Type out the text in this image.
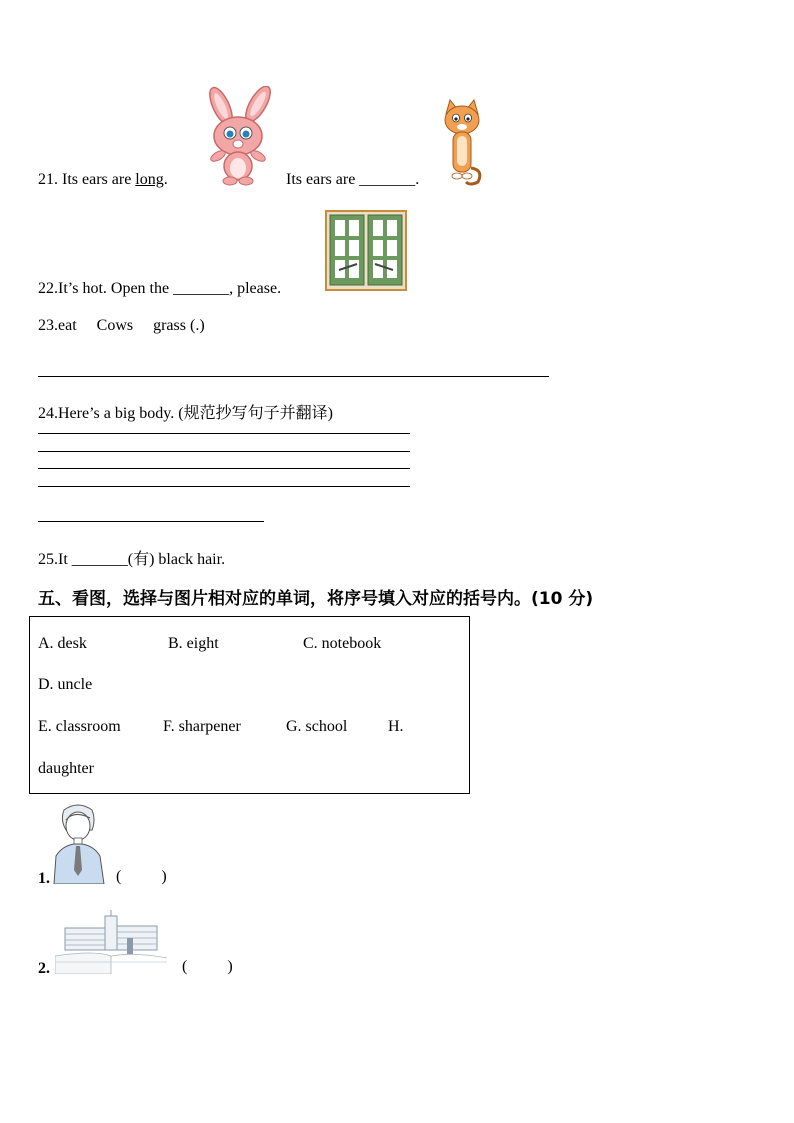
21. Its ears are long.	Its ears are _______.
22.It’s hot. Open the _______, please.
23.eat     Cows     grass (.)
24.Here’s a big body. (规范抄写句子并翻译)
25.It _______(有) black hair.
五、看图，选择与图片相对应的单词，将序号填入对应的括号内。(10 分)
A. desk	B. eight	C. notebook
D. uncle
E. classroom	F. sharpener	G. school	H.
daughter
1.	(          )
2.	(          )
